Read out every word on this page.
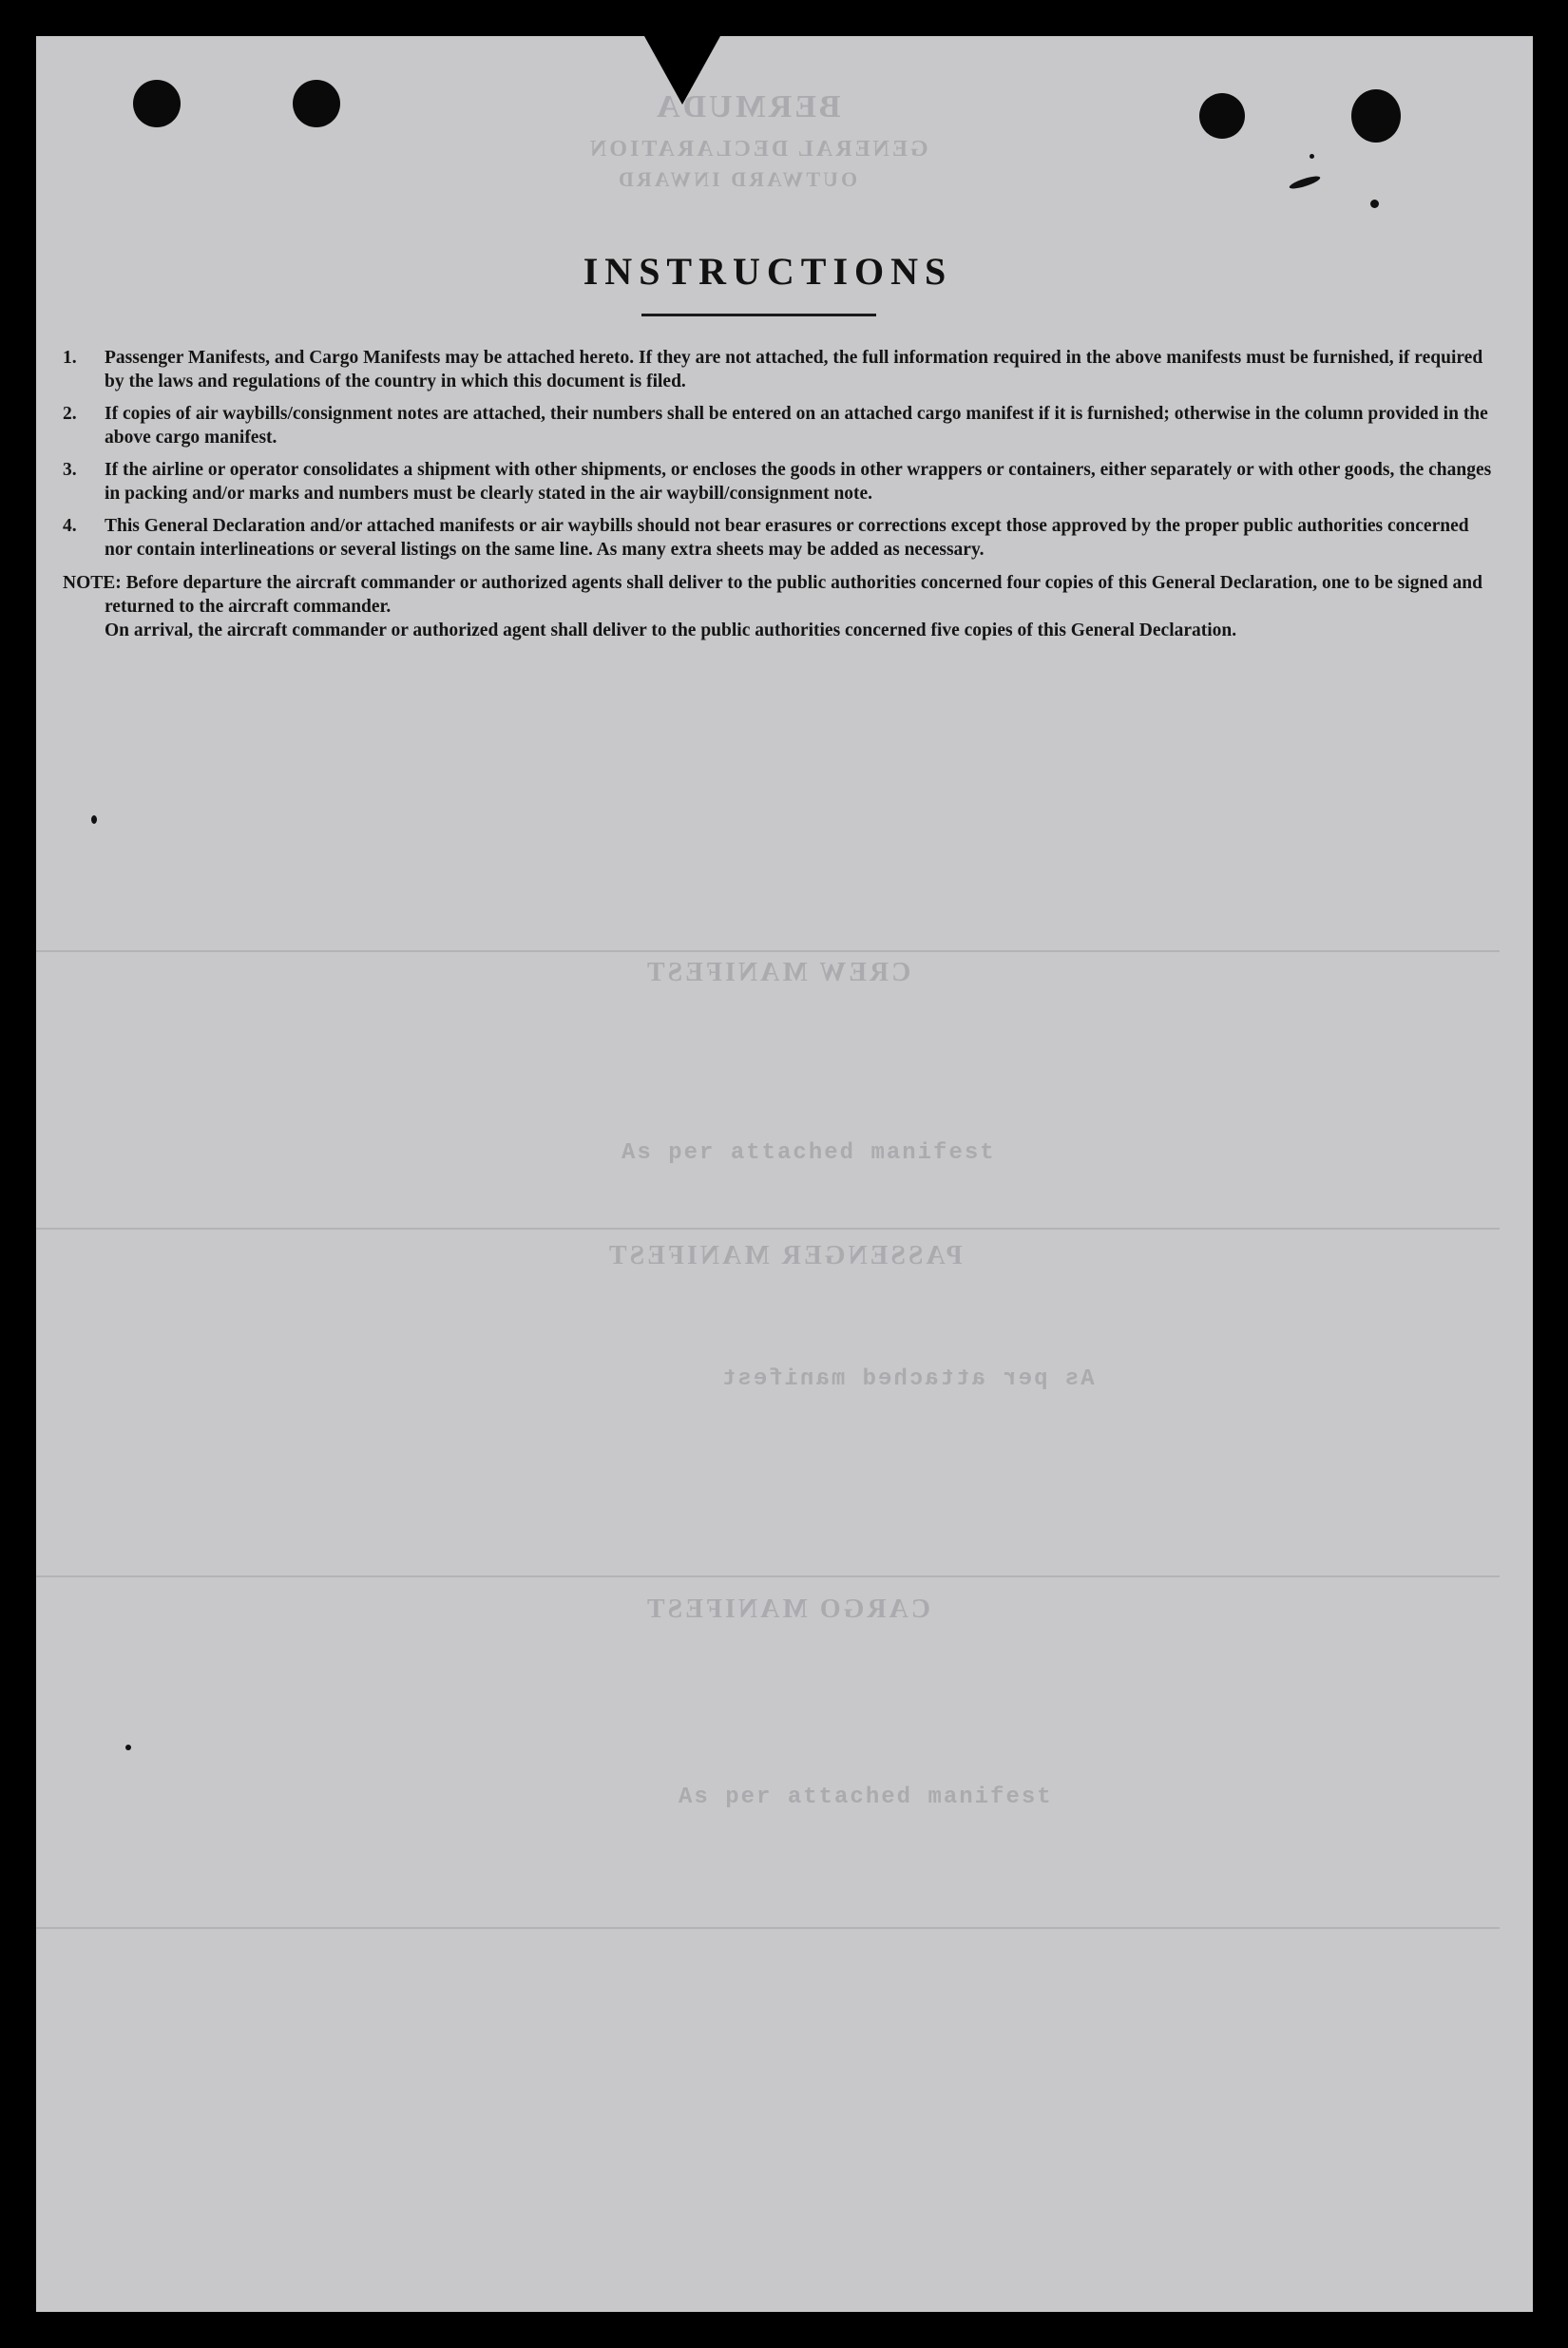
BERMUDA
GENERAL DECLARATION
OUTWARD INWARD
CREW MANIFEST
PASSENGER MANIFEST
CARGO MANIFEST
As per attached manifest
As per attached manifest
As per attached manifest
INSTRUCTIONS
1. Passenger Manifests, and Cargo Manifests may be attached hereto. If they are not attached, the full information required in the above manifests must be furnished, if required by the laws and regulations of the country in which this document is filed.
2. If copies of air waybills/consignment notes are attached, their numbers shall be entered on an attached cargo manifest if it is furnished; otherwise in the column provided in the above cargo manifest.
3. If the airline or operator consolidates a shipment with other shipments, or encloses the goods in other wrappers or containers, either separately or with other goods, the changes in packing and/or marks and numbers must be clearly stated in the air waybill/consignment note.
4. This General Declaration and/or attached manifests or air waybills should not bear erasures or corrections except those approved by the proper public authorities concerned nor contain interlineations or several listings on the same line. As many extra sheets may be added as necessary.

NOTE: Before departure the aircraft commander or authorized agents shall deliver to the public authorities concerned four copies of this General Declaration, one to be signed and returned to the aircraft commander.

On arrival, the aircraft commander or authorized agent shall deliver to the public authorities concerned five copies of this General Declaration.
